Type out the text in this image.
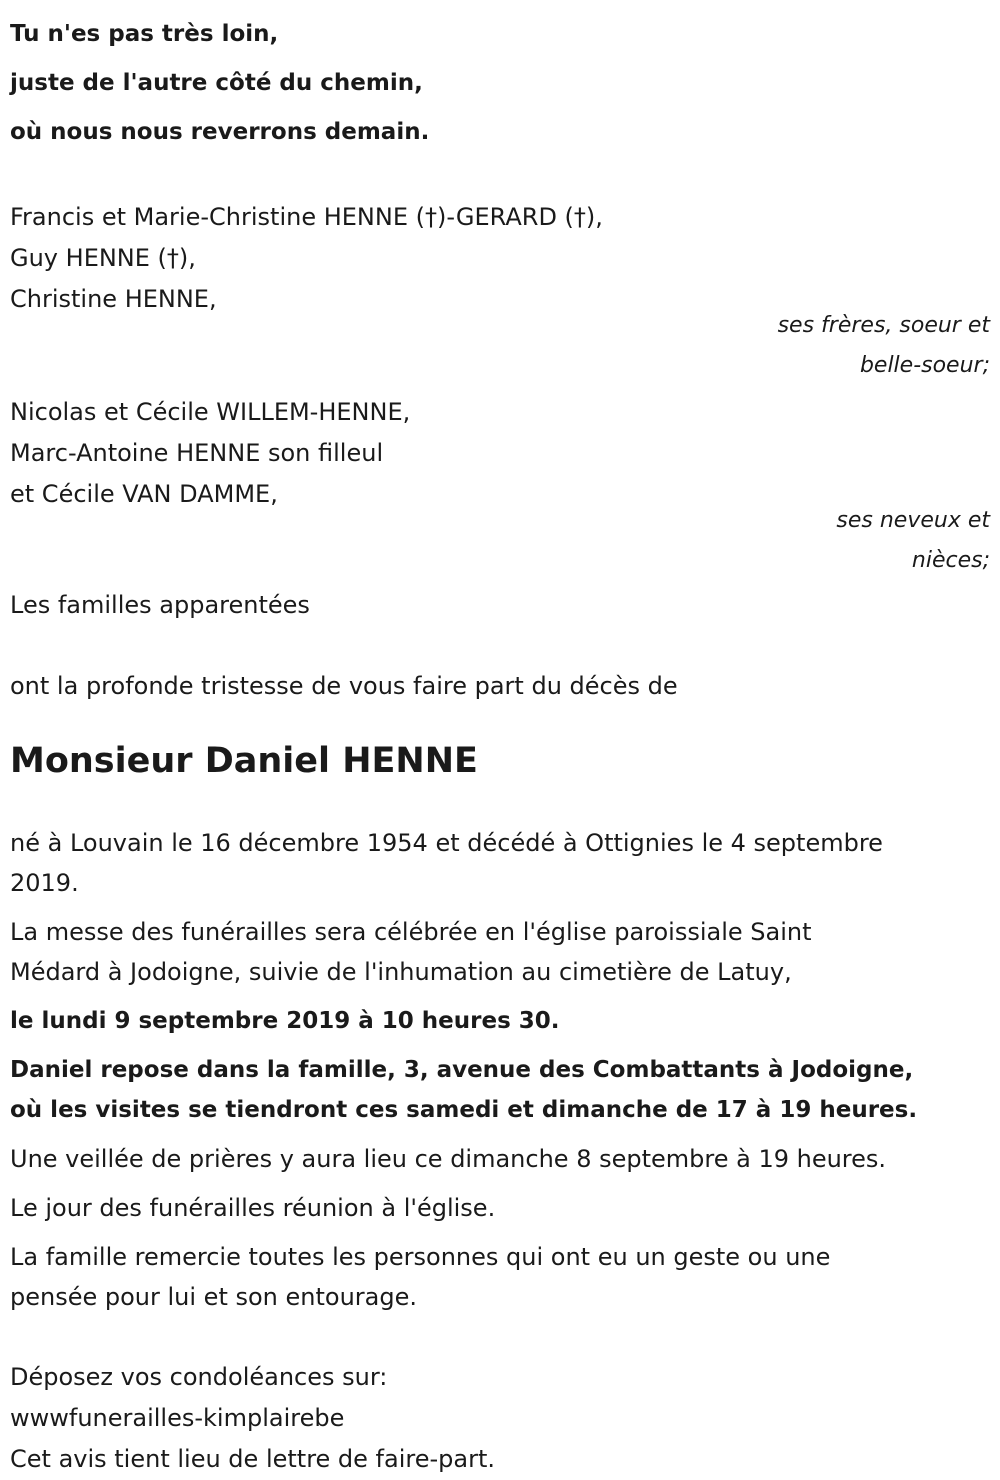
Tu n'es pas très loin,

juste de l'autre côté du chemin,

où nous nous reverrons demain.

Francis et Marie-Christine HENNE (†)-GERARD (†),
Guy HENNE (†),
Christine HENNE,
ses frères, soeur et
belle-soeur;
Nicolas et Cécile WILLEM-HENNE,
Marc-Antoine HENNE son filleul
et Cécile VAN DAMME,
ses neveux et
nièces;
Les familles apparentées
ont la profonde tristesse de vous faire part du décès de
Monsieur Daniel HENNE

né à Louvain le 16 décembre 1954 et décédé à Ottignies le 4 septembre
2019.

La messe des funérailles sera célébrée en l'église paroissiale Saint
Médard à Jodoigne, suivie de l'inhumation au cimetière de Latuy,

le lundi 9 septembre 2019 à 10 heures 30.

Daniel repose dans la famille, 3, avenue des Combattants à Jodoigne,
où les visites se tiendront ces samedi et dimanche de 17 à 19 heures.

Une veillée de prières y aura lieu ce dimanche 8 septembre à 19 heures.

Le jour des funérailles réunion à l'église.

La famille remercie toutes les personnes qui ont eu un geste ou une
pensée pour lui et son entourage.

Déposez vos condoléances sur:
wwwfunerailles-kimplairebe
Cet avis tient lieu de lettre de faire-part.
